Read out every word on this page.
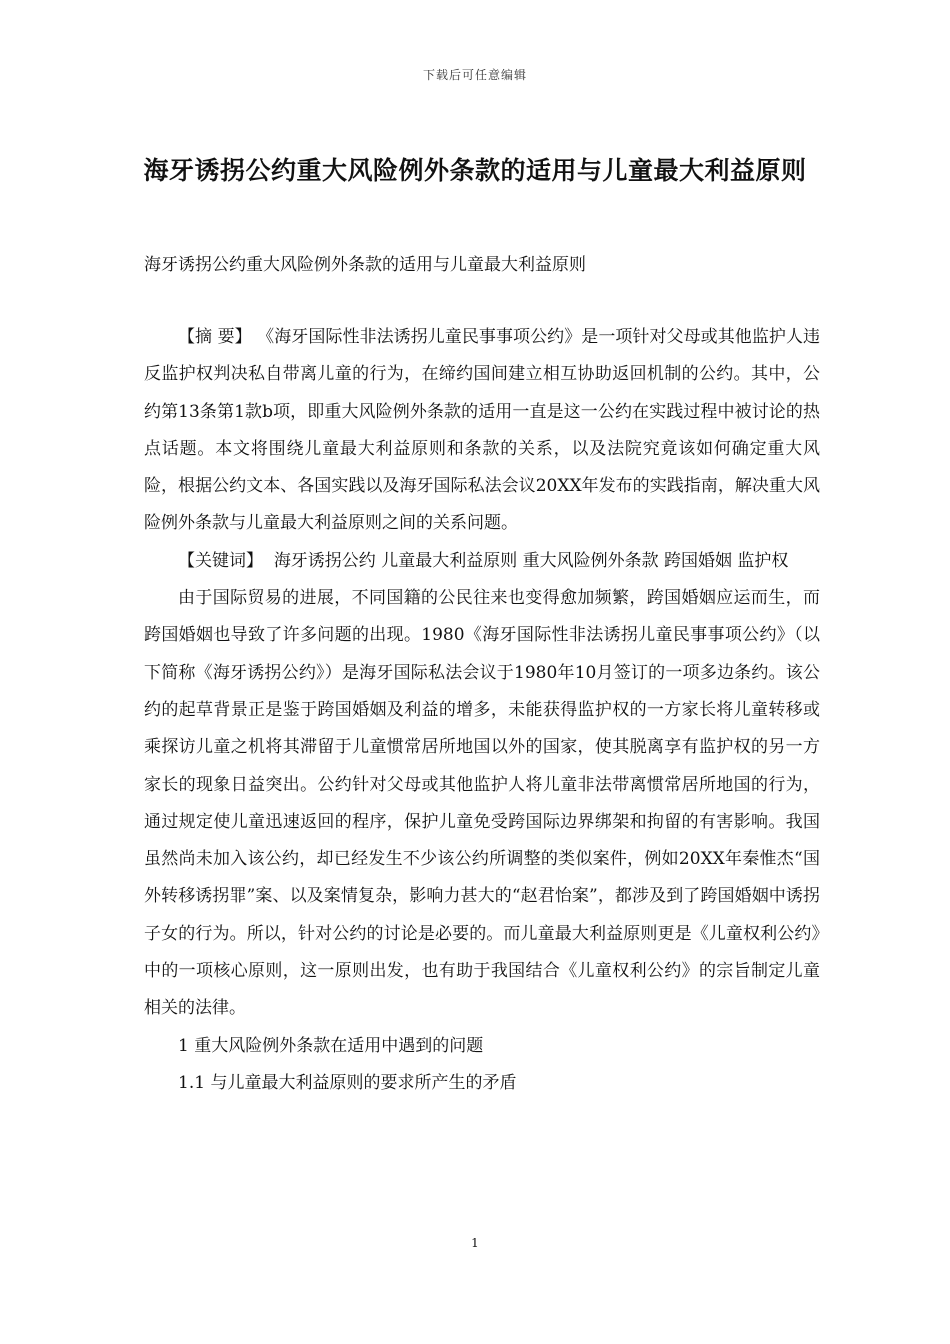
下载后可任意编辑
海牙诱拐公约重大风险例外条款的适用与儿童最大利益原则
海牙诱拐公约重大风险例外条款的适用与儿童最大利益原则

【摘 要】 《海牙国际性非法诱拐儿童民事事项公约》是一项针对父母或其他监护人违反监护权判决私自带离儿童的行为，在缔约国间建立相互协助返回机制的公约。其中，公约第13条第1款b项，即重大风险例外条款的适用一直是这一公约在实践过程中被讨论的热点话题。本文将围绕儿童最大利益原则和条款的关系，以及法院究竟该如何确定重大风险，根据公约文本、各国实践以及海牙国际私法会议20XX年发布的实践指南，解决重大风险例外条款与儿童最大利益原则之间的关系问题。

【关键词】 海牙诱拐公约 儿童最大利益原则 重大风险例外条款 跨国婚姻 监护权

由于国际贸易的进展，不同国籍的公民往来也变得愈加频繁，跨国婚姻应运而生，而跨国婚姻也导致了许多问题的出现。1980《海牙国际性非法诱拐儿童民事事项公约》（以下简称《海牙诱拐公约》）是海牙国际私法会议于1980年10月签订的一项多边条约。该公约的起草背景正是鉴于跨国婚姻及利益的增多，未能获得监护权的一方家长将儿童转移或乘探访儿童之机将其滞留于儿童惯常居所地国以外的国家，使其脱离享有监护权的另一方家长的现象日益突出。公约针对父母或其他监护人将儿童非法带离惯常居所地国的行为，通过规定使儿童迅速返回的程序，保护儿童免受跨国际边界绑架和拘留的有害影响。我国虽然尚未加入该公约，却已经发生不少该公约所调整的类似案件，例如20XX年秦惟杰“国外转移诱拐罪”案、以及案情复杂，影响力甚大的“赵君怡案”，都涉及到了跨国婚姻中诱拐子女的行为。所以，针对公约的讨论是必要的。而儿童最大利益原则更是《儿童权利公约》中的一项核心原则，这一原则出发，也有助于我国结合《儿童权利公约》的宗旨制定儿童相关的法律。

1 重大风险例外条款在适用中遇到的问题

1.1 与儿童最大利益原则的要求所产生的矛盾

1
